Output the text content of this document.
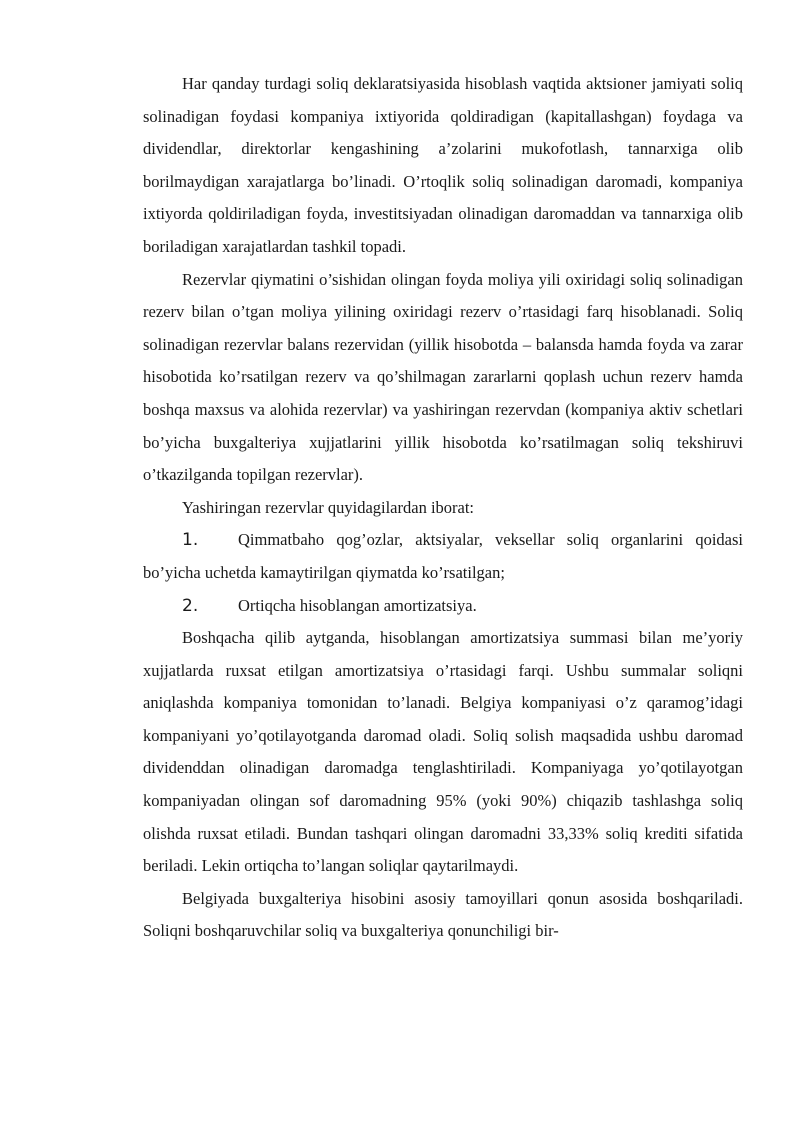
Har qanday turdagi soliq deklaratsiyasida hisoblash vaqtida aktsioner jamiyati soliq solinadigan foydasi kompaniya ixtiyorida qoldiradigan (kapitallashgan) foydaga va dividendlar, direktorlar kengashining a’zolarini mukofotlash, tannarxiga olib borilmaydigan xarajatlarga bo’linadi. O’rtoqlik soliq solinadigan daromadi, kompaniya ixtiyorda qoldiriladigan foyda, investitsiyadan olinadigan daromaddan va tannarxiga olib boriladigan xarajatlardan tashkil topadi.

Rezervlar qiymatini o’sishidan olingan foyda moliya yili oxiridagi soliq solinadigan rezerv bilan o’tgan moliya yilining oxiridagi rezerv o’rtasidagi farq hisoblanadi. Soliq solinadigan rezervlar balans rezervidan (yillik hisobotda – balansda hamda foyda va zarar hisobotida ko’rsatilgan rezerv va qo’shilmagan zararlarni qoplash uchun rezerv hamda boshqa maxsus va alohida rezervlar) va yashiringan rezervdan (kompaniya aktiv schetlari bo’yicha buxgalteriya xujjatlarini yillik hisobotda ko’rsatilmagan soliq tekshiruvi o’tkazilganda topilgan rezervlar).

Yashiringan rezervlar quyidagilardan iborat:

1. Qimmatbaho qog’ozlar, aktsiyalar, veksellar soliq organlarini qoidasi bo’yicha uchetda kamaytirilgan qiymatda ko’rsatilgan;

2. Ortiqcha hisoblangan amortizatsiya.

Boshqacha qilib aytganda, hisoblangan amortizatsiya summasi bilan me’yoriy xujjatlarda ruxsat etilgan amortizatsiya o’rtasidagi farqi. Ushbu summalar soliqni aniqlashda kompaniya tomonidan to’lanadi. Belgiya kompaniyasi o’z qaramog’idagi kompaniyani yo’qotilayotganda daromad oladi. Soliq solish maqsadida ushbu daromad dividenddan olinadigan daromadga tenglashtiriladi. Kompaniyaga yo’qotilayotgan kompaniyadan olingan sof daromadning 95% (yoki 90%) chiqazib tashlashga soliq olishda ruxsat etiladi. Bundan tashqari olingan daromadni 33,33% soliq krediti sifatida beriladi. Lekin ortiqcha to’langan soliqlar qaytarilmaydi.

Belgiyada buxgalteriya hisobini asosiy tamoyillari qonun asosida boshqariladi. Soliqni boshqaruvchilar soliq va buxgalteriya qonunchiligi bir-
